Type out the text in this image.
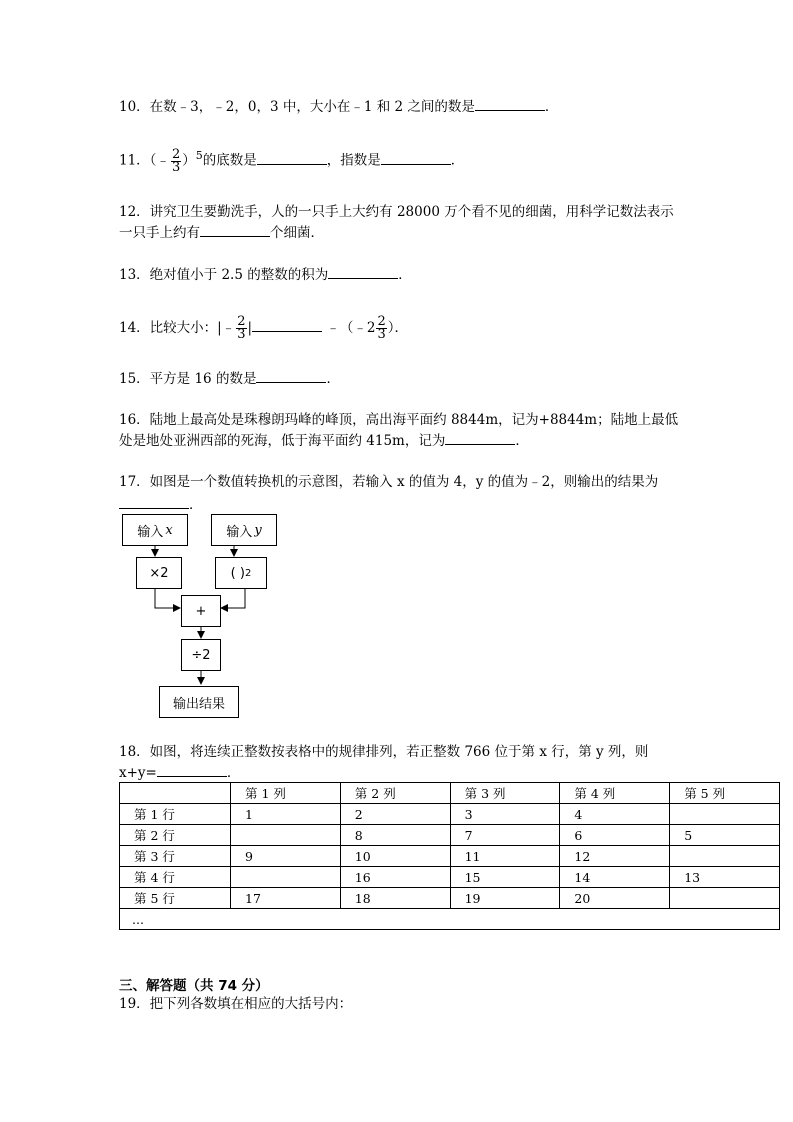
10．在数﹣3，﹣2，0，3 中，大小在﹣1 和 2 之间的数是	．
11．（﹣ $\frac{2}{3} )^5$的底数是	，指数是	．
12．讲究卫生要勤洗手，人的一只手上大约有 28000 万个看不见的细菌，用科学记数法表示
一只手上约有	个细菌．
13．绝对值小于 2.5 的整数的积为	．
14．比较大小：|﹣ $\frac{2}{3}$ |	﹣（﹣2 $\frac{2}{3}$ ）．
15．平方是 16 的数是	．
16．陆地上最高处是珠穆朗玛峰的峰顶，高出海平面约 8844m，记为+8844m；陆地上最低
处是地处亚洲西部的死海，低于海平面约 415m，记为	．
17．如图是一个数值转换机的示意图，若输入 x 的值为 4，y 的值为﹣2，则输出的结果为
．
输入 x	输入 y
×2	( ) 2
+
÷2
输出结果
18．如图，将连续正整数按表格中的规律排列，若正整数 766 位于第 x 行，第 y 列，则
x+y=	．
	第 1 列	第 2 列	第 3 列	第 4 列	第 5 列
第 1 行	1	2	3	4	
第 2 行		8	7	6	5
第 3 行	9	10	11	12	
第 4 行		16	15	14	13
第 5 行	17	18	19	20	
...					
三、解答题（共 74 分）
19．把下列各数填在相应的大括号内：
